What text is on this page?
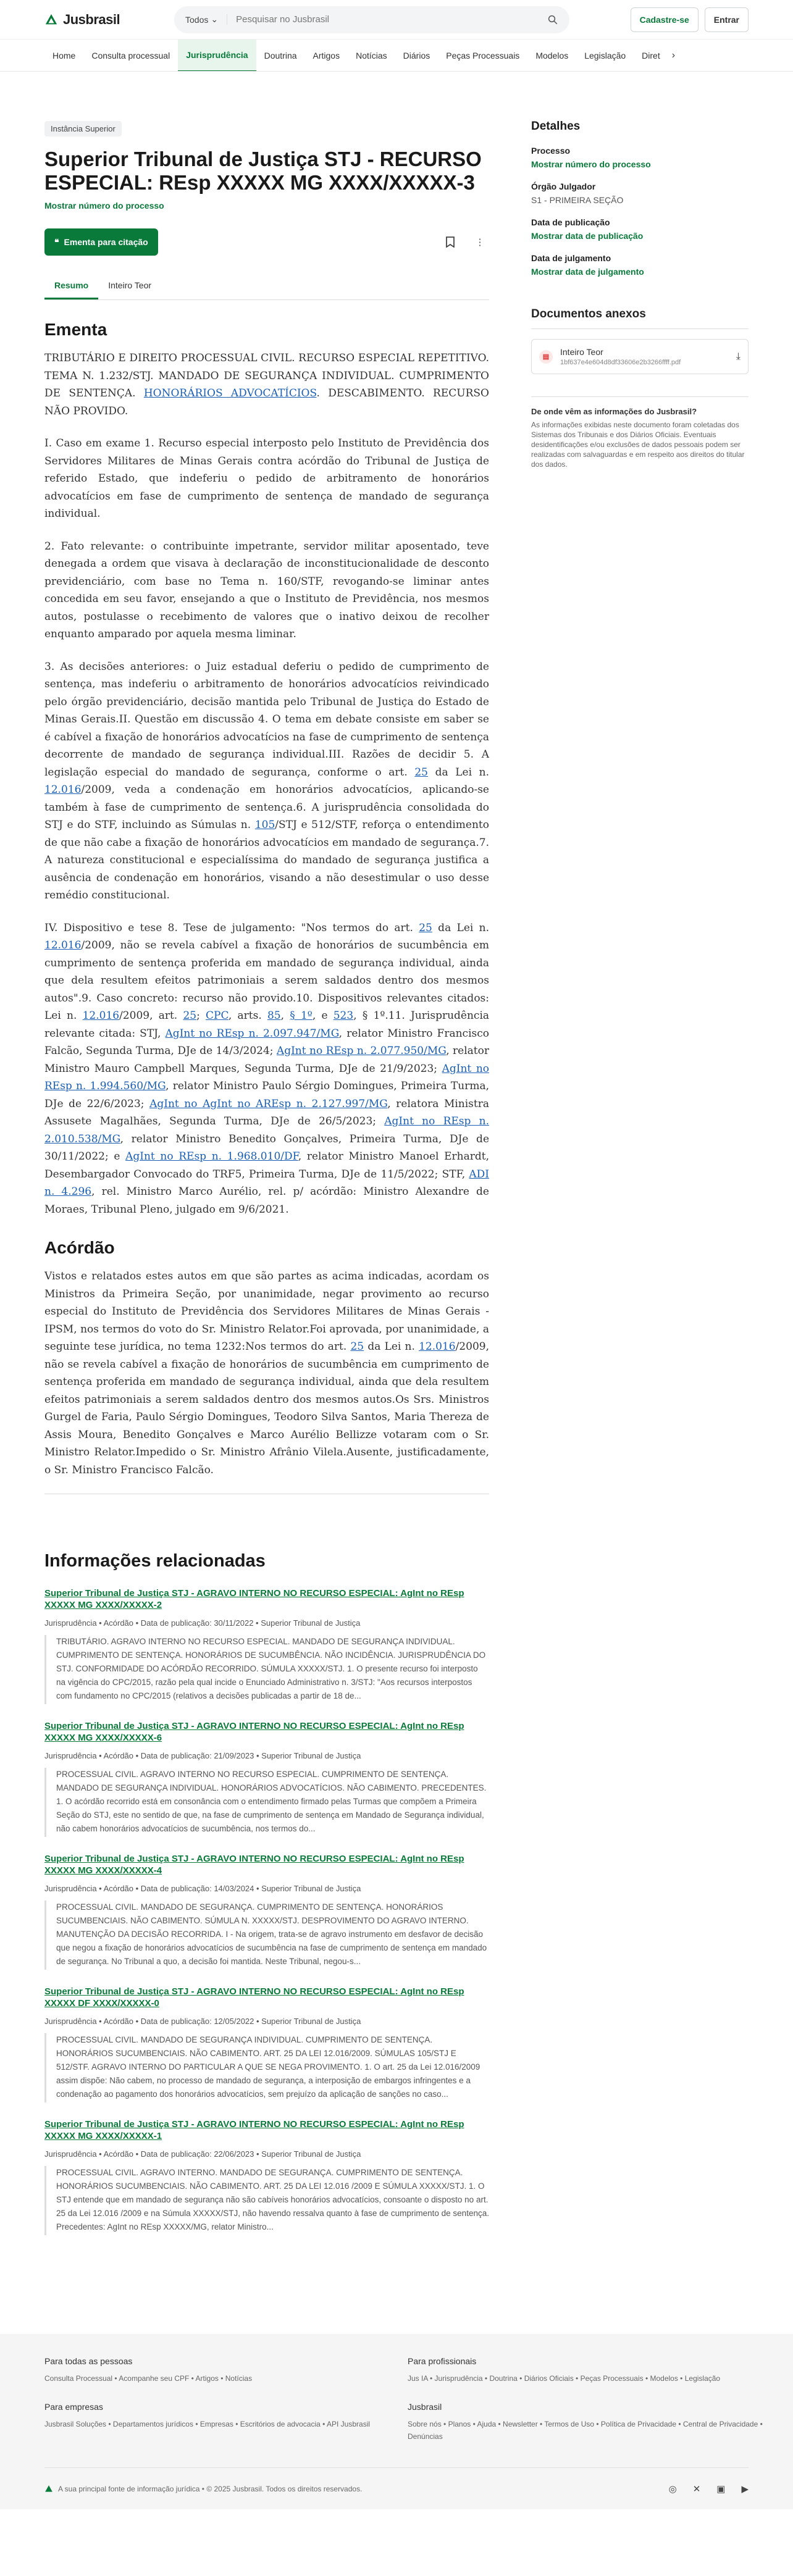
Jusbrasil	Todos ⌄
Pesquisar no Jusbrasil	Cadastre-se	Entrar
Home	Consulta processual	Jurisprudência	Doutrina	Artigos	Notícias	Diários	Peças Processuais	Modelos	Legislação	Diret	›
Instância Superior
Superior Tribunal de Justiça STJ - RECURSO ESPECIAL: REsp XXXXX MG XXXX/XXXXX-3
Mostrar número do processo
❝ Ementa para citação	⋮
Resumo	Inteiro Teor
Ementa

TRIBUTÁRIO E DIREITO PROCESSUAL CIVIL. RECURSO ESPECIAL REPETITIVO. TEMA N. 1.232/STJ. MANDADO DE SEGURANÇA INDIVIDUAL. CUMPRIMENTO DE SENTENÇA. HONORÁRIOS ADVOCATÍCIOS. DESCABIMENTO. RECURSO NÃO PROVIDO.

I. Caso em exame 1. Recurso especial interposto pelo Instituto de Previdência dos Servidores Militares de Minas Gerais contra acórdão do Tribunal de Justiça de referido Estado, que indeferiu o pedido de arbitramento de honorários advocatícios em fase de cumprimento de sentença de mandado de segurança individual.

2. Fato relevante: o contribuinte impetrante, servidor militar aposentado, teve denegada a ordem que visava à declaração de inconstitucionalidade de desconto previdenciário, com base no Tema n. 160/STF, revogando-se liminar antes concedida em seu favor, ensejando a que o Instituto de Previdência, nos mesmos autos, postulasse o recebimento de valores que o inativo deixou de recolher enquanto amparado por aquela mesma liminar.

3. As decisões anteriores: o Juiz estadual deferiu o pedido de cumprimento de sentença, mas indeferiu o arbitramento de honorários advocatícios reivindicado pelo órgão previdenciário, decisão mantida pelo Tribunal de Justiça do Estado de Minas Gerais.II. Questão em discussão 4. O tema em debate consiste em saber se é cabível a fixação de honorários advocatícios na fase de cumprimento de sentença decorrente de mandado de segurança individual.III. Razões de decidir 5. A legislação especial do mandado de segurança, conforme o art. 25 da Lei n. 12.016/2009, veda a condenação em honorários advocatícios, aplicando-se também à fase de cumprimento de sentença.6. A jurisprudência consolidada do STJ e do STF, incluindo as Súmulas n. 105/STJ e 512/STF, reforça o entendimento de que não cabe a fixação de honorários advocatícios em mandado de segurança.7. A natureza constitucional e especialíssima do mandado de segurança justifica a ausência de condenação em honorários, visando a não desestimular o uso desse remédio constitucional.

IV. Dispositivo e tese 8. Tese de julgamento: "Nos termos do art. 25 da Lei n. 12.016/2009, não se revela cabível a fixação de honorários de sucumbência em cumprimento de sentença proferida em mandado de segurança individual, ainda que dela resultem efeitos patrimoniais a serem saldados dentro dos mesmos autos".9. Caso concreto: recurso não provido.10. Dispositivos relevantes citados: Lei n. 12.016/2009, art. 25; CPC, arts. 85, § 1º, e 523, § 1º.11. Jurisprudência relevante citada: STJ, AgInt no REsp n. 2.097.947/MG, relator Ministro Francisco Falcão, Segunda Turma, DJe de 14/3/2024; AgInt no REsp n. 2.077.950/MG, relator Ministro Mauro Campbell Marques, Segunda Turma, DJe de 21/9/2023; AgInt no REsp n. 1.994.560/MG, relator Ministro Paulo Sérgio Domingues, Primeira Turma, DJe de 22/6/2023; AgInt no AgInt no AREsp n. 2.127.997/MG, relatora Ministra Assusete Magalhães, Segunda Turma, DJe de 26/5/2023; AgInt no REsp n. 2.010.538/MG, relator Ministro Benedito Gonçalves, Primeira Turma, DJe de 30/11/2022; e AgInt no REsp n. 1.968.010/DF, relator Ministro Manoel Erhardt, Desembargador Convocado do TRF5, Primeira Turma, DJe de 11/5/2022; STF, ADI n. 4.296, rel. Ministro Marco Aurélio, rel. p/ acórdão: Ministro Alexandre de Moraes, Tribunal Pleno, julgado em 9/6/2021.

Acórdão

Vistos e relatados estes autos em que são partes as acima indicadas, acordam os Ministros da Primeira Seção, por unanimidade, negar provimento ao recurso especial do Instituto de Previdência dos Servidores Militares de Minas Gerais - IPSM, nos termos do voto do Sr. Ministro Relator.Foi aprovada, por unanimidade, a seguinte tese jurídica, no tema 1232:Nos termos do art. 25 da Lei n. 12.016/2009, não se revela cabível a fixação de honorários de sucumbência em cumprimento de sentença proferida em mandado de segurança individual, ainda que dela resultem efeitos patrimoniais a serem saldados dentro dos mesmos autos.Os Srs. Ministros Gurgel de Faria, Paulo Sérgio Domingues, Teodoro Silva Santos, Maria Thereza de Assis Moura, Benedito Gonçalves e Marco Aurélio Bellizze votaram com o Sr. Ministro Relator.Impedido o Sr. Ministro Afrânio Vilela.Ausente, justificadamente, o Sr. Ministro Francisco Falcão.

Informações relacionadas
Superior Tribunal de Justiça STJ - AGRAVO INTERNO NO RECURSO ESPECIAL: AgInt no REsp XXXXX MG XXXX/XXXXX-2
Jurisprudência • Acórdão • Data de publicação: 30/11/2022 • Superior Tribunal de Justiça
TRIBUTÁRIO. AGRAVO INTERNO NO RECURSO ESPECIAL. MANDADO DE SEGURANÇA INDIVIDUAL. CUMPRIMENTO DE SENTENÇA. HONORÁRIOS DE SUCUMBÊNCIA. NÃO INCIDÊNCIA. JURISPRUDÊNCIA DO STJ. CONFORMIDADE DO ACÓRDÃO RECORRIDO. SÚMULA XXXXX/STJ. 1. O presente recurso foi interposto na vigência do CPC/2015, razão pela qual incide o Enunciado Administrativo n. 3/STJ: "Aos recursos interpostos com fundamento no CPC/2015 (relativos a decisões publicadas a partir de 18 de...
Superior Tribunal de Justiça STJ - AGRAVO INTERNO NO RECURSO ESPECIAL: AgInt no REsp XXXXX MG XXXX/XXXXX-6
Jurisprudência • Acórdão • Data de publicação: 21/09/2023 • Superior Tribunal de Justiça
PROCESSUAL CIVIL. AGRAVO INTERNO NO RECURSO ESPECIAL. CUMPRIMENTO DE SENTENÇA. MANDADO DE SEGURANÇA INDIVIDUAL. HONORÁRIOS ADVOCATÍCIOS. NÃO CABIMENTO. PRECEDENTES. 1. O acórdão recorrido está em consonância com o entendimento firmado pelas Turmas que compõem a Primeira Seção do STJ, este no sentido de que, na fase de cumprimento de sentença em Mandado de Segurança individual, não cabem honorários advocatícios de sucumbência, nos termos do...
Superior Tribunal de Justiça STJ - AGRAVO INTERNO NO RECURSO ESPECIAL: AgInt no REsp XXXXX MG XXXX/XXXXX-4
Jurisprudência • Acórdão • Data de publicação: 14/03/2024 • Superior Tribunal de Justiça
PROCESSUAL CIVIL. MANDADO DE SEGURANÇA. CUMPRIMENTO DE SENTENÇA. HONORÁRIOS SUCUMBENCIAIS. NÃO CABIMENTO. SÚMULA N. XXXXX/STJ. DESPROVIMENTO DO AGRAVO INTERNO. MANUTENÇÃO DA DECISÃO RECORRIDA. I - Na origem, trata-se de agravo instrumento em desfavor de decisão que negou a fixação de honorários advocatícios de sucumbência na fase de cumprimento de sentença em mandado de segurança. No Tribunal a quo, a decisão foi mantida. Neste Tribunal, negou-s...
Superior Tribunal de Justiça STJ - AGRAVO INTERNO NO RECURSO ESPECIAL: AgInt no REsp XXXXX DF XXXX/XXXXX-0
Jurisprudência • Acórdão • Data de publicação: 12/05/2022 • Superior Tribunal de Justiça
PROCESSUAL CIVIL. MANDADO DE SEGURANÇA INDIVIDUAL. CUMPRIMENTO DE SENTENÇA. HONORÁRIOS SUCUMBENCIAIS. NÃO CABIMENTO. ART. 25 DA LEI 12.016/2009. SÚMULAS 105/STJ E 512/STF. AGRAVO INTERNO DO PARTICULAR A QUE SE NEGA PROVIMENTO. 1. O art. 25 da Lei 12.016/2009 assim dispõe: Não cabem, no processo de mandado de segurança, a interposição de embargos infringentes e a condenação ao pagamento dos honorários advocatícios, sem prejuízo da aplicação de sanções no caso...
Superior Tribunal de Justiça STJ - AGRAVO INTERNO NO RECURSO ESPECIAL: AgInt no REsp XXXXX MG XXXX/XXXXX-1
Jurisprudência • Acórdão • Data de publicação: 22/06/2023 • Superior Tribunal de Justiça
PROCESSUAL CIVIL. AGRAVO INTERNO. MANDADO DE SEGURANÇA. CUMPRIMENTO DE SENTENÇA. HONORÁRIOS SUCUMBENCIAIS. NÃO CABIMENTO. ART. 25 DA LEI 12.016 /2009 E SÚMULA XXXXX/STJ. 1. O STJ entende que em mandado de segurança não são cabíveis honorários advocatícios, consoante o disposto no art. 25 da Lei 12.016 /2009 e na Súmula XXXXX/STJ, não havendo ressalva quanto à fase de cumprimento de sentença. Precedentes: AgInt no REsp XXXXX/MG, relator Ministro...
Detalhes
Processo
Mostrar número do processo
Órgão Julgador
S1 - PRIMEIRA SEÇÃO
Data de publicação
Mostrar data de publicação
Data de julgamento
Mostrar data de julgamento
Documentos anexos
▤	Inteiro Teor
1bf637e4e604d8df33606e2b3266ffff.pdf
⤓
De onde vêm as informações do Jusbrasil?
As informações exibidas neste documento foram coletadas dos Sistemas dos Tribunais e dos Diários Oficiais. Eventuais desidentificações e/ou exclusões de dados pessoais podem ser realizadas com salvaguardas e em respeito aos direitos do titular dos dados.
Para todas as pessoas
Consulta Processual • Acompanhe seu CPF • Artigos • Notícias
Para profissionais
Jus IA • Jurisprudência • Doutrina • Diários Oficiais • Peças Processuais • Modelos • Legislação
Para empresas
Jusbrasil Soluções • Departamentos jurídicos • Empresas • Escritórios de advocacia • API Jusbrasil
Jusbrasil
Sobre nós • Planos • Ajuda • Newsletter • Termos de Uso • Política de Privacidade • Central de Privacidade • Denúncias
A sua principal fonte de informação jurídica • © 2025 Jusbrasil. Todos os direitos reservados.	◎ ✕ ▣ ▶
